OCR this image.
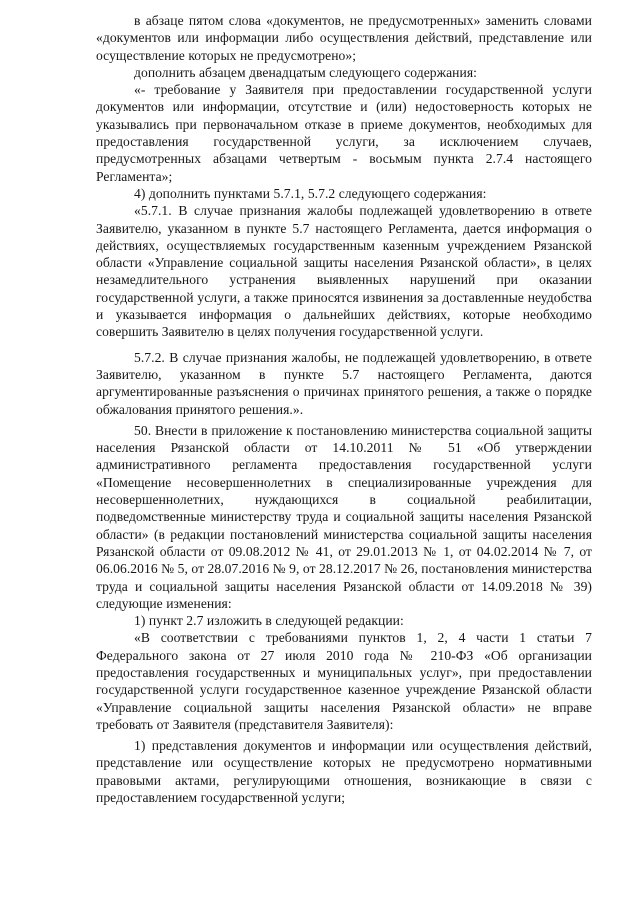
в абзаце пятом слова «документов, не предусмотренных» заменить словами «документов или информации либо осуществления действий, представление или осуществление которых не предусмотрено»;

дополнить абзацем двенадцатым следующего содержания:

«- требование у Заявителя при предоставлении государственной услуги документов или информации, отсутствие и (или) недостоверность которых не указывались при первоначальном отказе в приеме документов, необходимых для предоставления государственной услуги, за исключением случаев, предусмотренных абзацами четвертым - восьмым пункта 2.7.4 настоящего Регламента»;

4) дополнить пунктами 5.7.1, 5.7.2 следующего содержания:

«5.7.1. В случае признания жалобы подлежащей удовлетворению в ответе Заявителю, указанном в пункте 5.7 настоящего Регламента, дается информация о действиях, осуществляемых государственным казенным учреждением Рязанской области «Управление социальной защиты населения Рязанской области», в целях незамедлительного устранения выявленных нарушений при оказании государственной услуги, а также приносятся извинения за доставленные неудобства и указывается информация о дальнейших действиях, которые необходимо совершить Заявителю в целях получения государственной услуги.

5.7.2. В случае признания жалобы, не подлежащей удовлетворению, в ответе Заявителю, указанном в пункте 5.7 настоящего Регламента, даются аргументированные разъяснения о причинах принятого решения, а также о порядке обжалования принятого решения.».

50. Внести в приложение к постановлению министерства социальной защиты населения Рязанской области от 14.10.2011 № 51 «Об утверждении административного регламента предоставления государственной услуги «Помещение несовершеннолетних в специализированные учреждения для несовершеннолетних, нуждающихся в социальной реабилитации, подведомственные министерству труда и социальной защиты населения Рязанской области» (в редакции постановлений министерства социальной защиты населения Рязанской области от 09.08.2012 № 41, от 29.01.2013 № 1, от 04.02.2014 № 7, от 06.06.2016 № 5, от 28.07.2016 № 9, от 28.12.2017 № 26, постановления министерства труда и социальной защиты населения Рязанской области от 14.09.2018 № 39) следующие изменения:

1) пункт 2.7 изложить в следующей редакции:

«В соответствии с требованиями пунктов 1, 2, 4 части 1 статьи 7 Федерального закона от 27 июля 2010 года № 210-ФЗ «Об организации предоставления государственных и муниципальных услуг», при предоставлении государственной услуги государственное казенное учреждение Рязанской области «Управление социальной защиты населения Рязанской области» не вправе требовать от Заявителя (представителя Заявителя):

1) представления документов и информации или осуществления действий, представление или осуществление которых не предусмотрено нормативными правовыми актами, регулирующими отношения, возникающие в связи с предоставлением государственной услуги;
